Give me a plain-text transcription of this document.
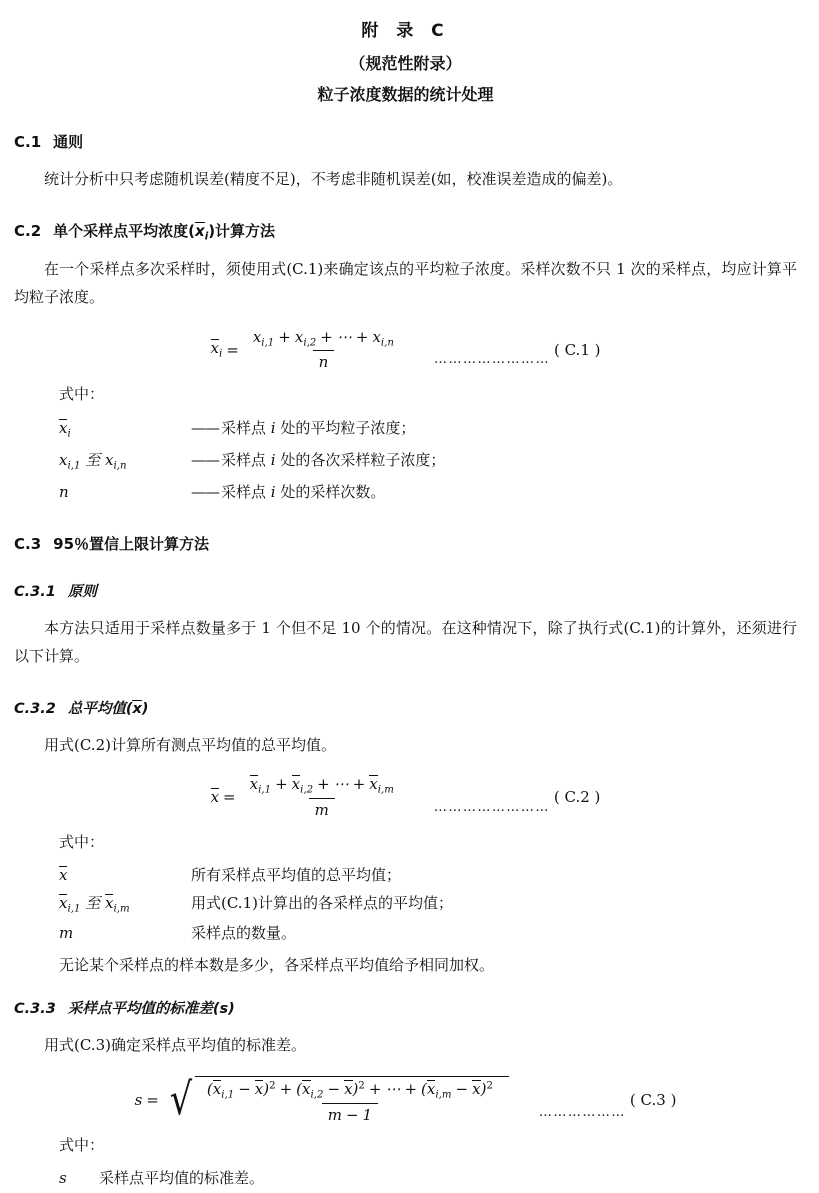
附 录 C
（规范性附录）
粒子浓度数据的统计处理
C.1 通则
统计分析中只考虑随机误差(精度不足)，不考虑非随机误差(如，校准误差造成的偏差)。
C.2 单个采样点平均浓度$(x_i)$计算方法
在一个采样点多次采样时，须使用式(C.1)来确定该点的平均粒子浓度。采样次数不只 1 次的采样点，均应计算平均粒子浓度。
$x_i = \frac{x_{i,1} + x_{i,2} + \cdots + x_{i,n}}{n}$	……………………
( C.1 )
式中：
$x_i$	—— 采样点 i 处的平均粒子浓度；
$x_{i,1}$ 至 $x_{i,n}$	—— 采样点 i 处的各次采样粒子浓度；
n	—— 采样点 i 处的采样次数。
C.3 95％置信上限计算方法
C.3.1 原则
本方法只适用于采样点数量多于 1 个但不足 10 个的情况。在这种情况下，除了执行式(C.1)的计算外，还须进行以下计算。
C.3.2 总平均值(x)
用式(C.2)计算所有测点平均值的总平均值。
$x = \frac{x_{i,1} + x_{i,2} + \cdots + x_{i,m}}{m}$	……………………
( C.2 )
式中：
x	所有采样点平均值的总平均值；
$x_{i,1}$ 至 $x_{i,m}$	用式(C.1)计算出的各采样点的平均值；
m	采样点的数量。
无论某个采样点的样本数是多少，各采样点平均值给予相同加权。
C.3.3 采样点平均值的标准差(s)
用式(C.3)确定采样点平均值的标准差。
s = √ $\frac{(x_{i,1} - x)^2 + (x_{i,2} - x)^2 + \cdots + (x_{i,m} - x)^2}{m - 1}$	………………
( C.3 )
式中：
s	采样点平均值的标准差。
